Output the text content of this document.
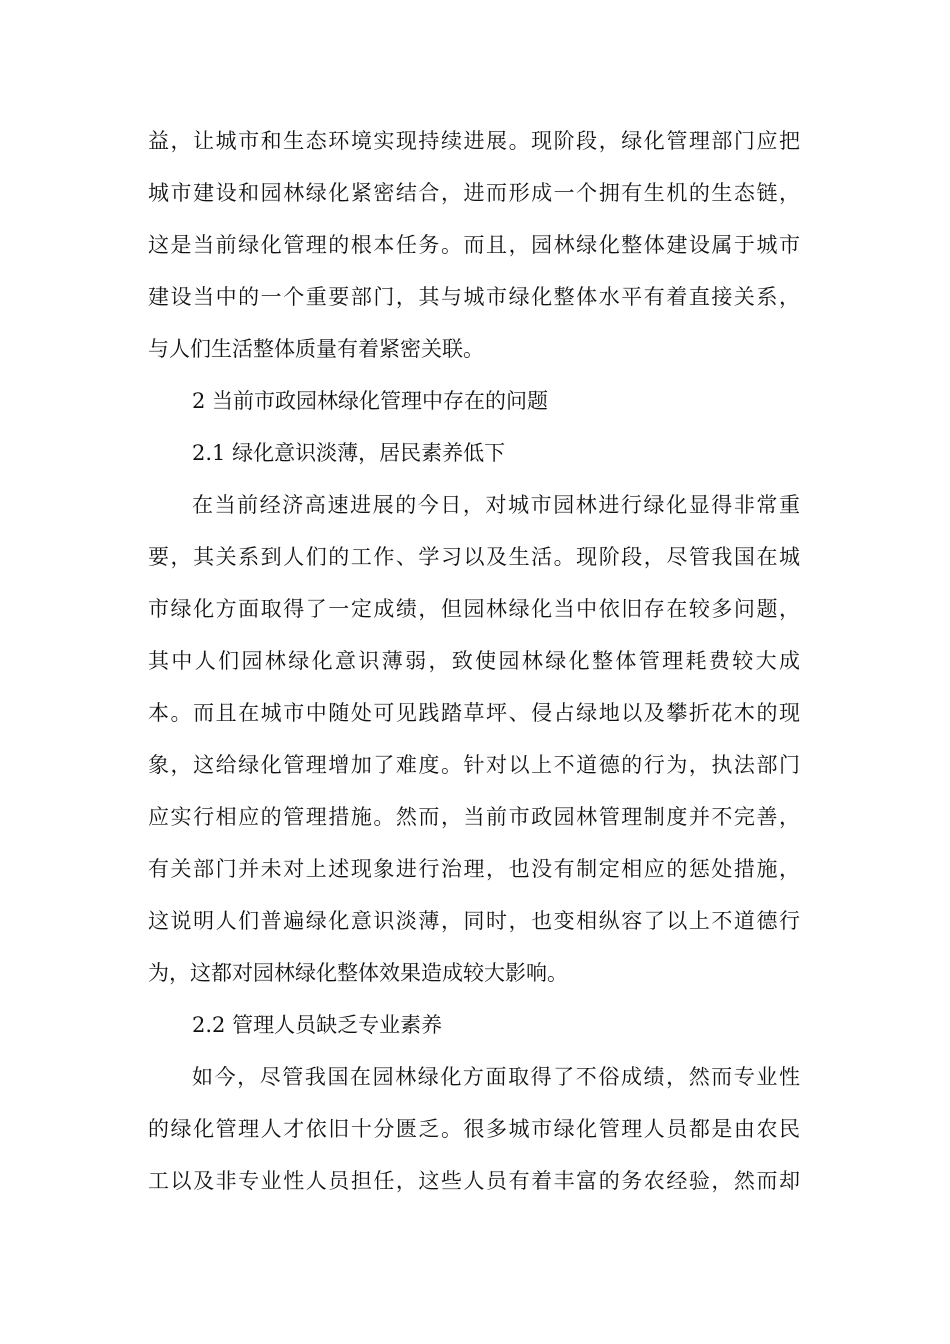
益，让城市和生态环境实现持续进展。现阶段，绿化管理部门应把
城市建设和园林绿化紧密结合，进而形成一个拥有生机的生态链，
这是当前绿化管理的根本任务。而且，园林绿化整体建设属于城市
建设当中的一个重要部门，其与城市绿化整体水平有着直接关系，
与人们生活整体质量有着紧密关联。
2 当前市政园林绿化管理中存在的问题
2.1 绿化意识淡薄，居民素养低下
在当前经济高速进展的今日，对城市园林进行绿化显得非常重
要，其关系到人们的工作、学习以及生活。现阶段，尽管我国在城
市绿化方面取得了一定成绩，但园林绿化当中依旧存在较多问题，
其中人们园林绿化意识薄弱，致使园林绿化整体管理耗费较大成
本。而且在城市中随处可见践踏草坪、侵占绿地以及攀折花木的现
象，这给绿化管理增加了难度。针对以上不道德的行为，执法部门
应实行相应的管理措施。然而，当前市政园林管理制度并不完善，
有关部门并未对上述现象进行治理，也没有制定相应的惩处措施，
这说明人们普遍绿化意识淡薄，同时，也变相纵容了以上不道德行
为，这都对园林绿化整体效果造成较大影响。
2.2 管理人员缺乏专业素养
如今，尽管我国在园林绿化方面取得了不俗成绩，然而专业性
的绿化管理人才依旧十分匮乏。很多城市绿化管理人员都是由农民
工以及非专业性人员担任，这些人员有着丰富的务农经验，然而却
